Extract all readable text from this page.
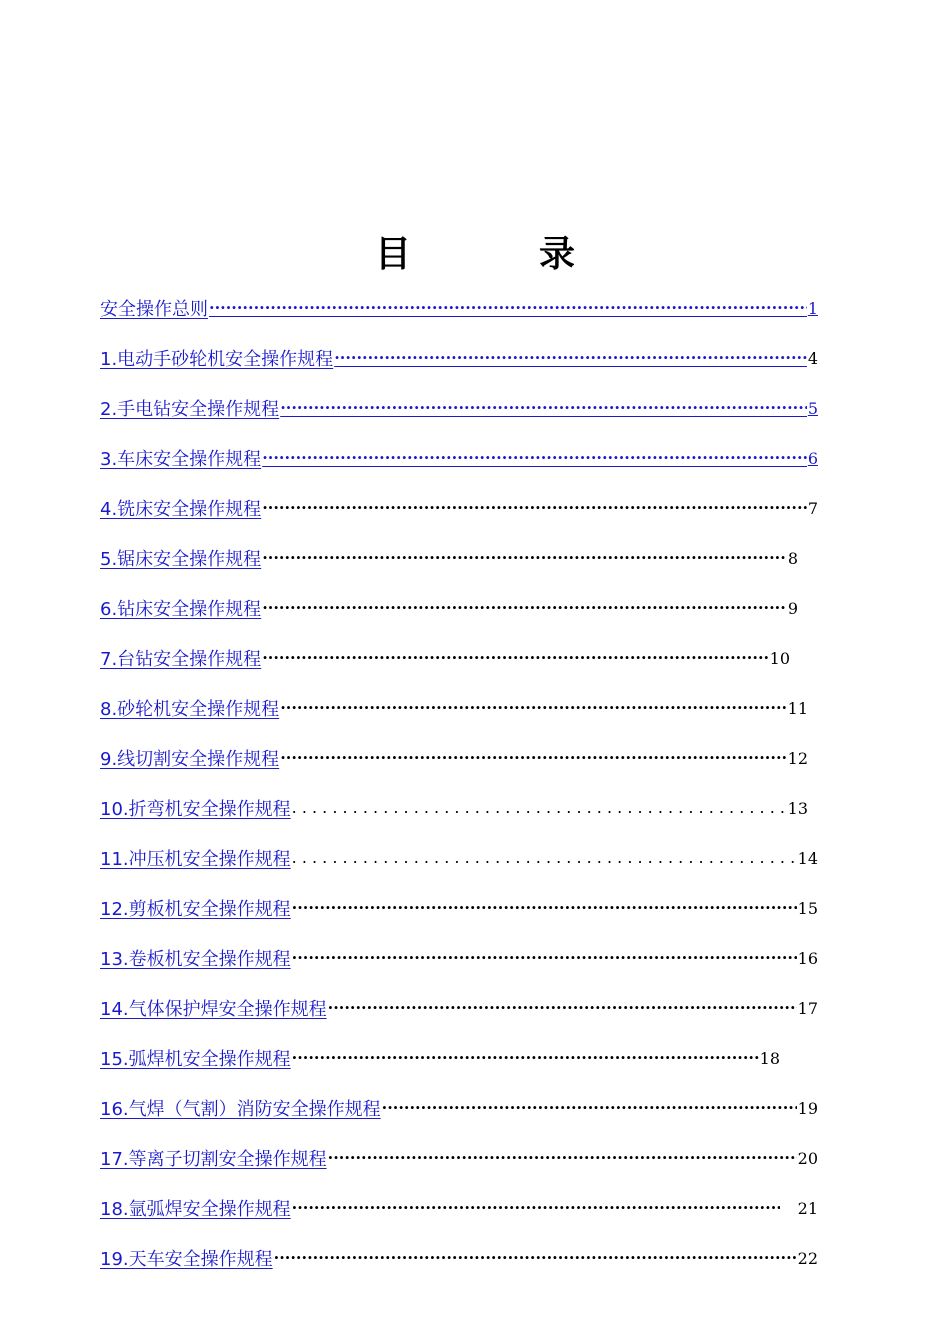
目　录
安全操作总则 ·····	1
1.电动手砂轮机安全操作规程 ·····	4
2.手电钻安全操作规程 ·····	5
3.车床安全操作规程 ·····	6
4.铣床安全操作规程 ·····	7
5.锯床安全操作规程 ·····	8
6.钻床安全操作规程 ·····	9
7.台钻安全操作规程 ·····	10
8.砂轮机安全操作规程 ·····	11
9.线切割安全操作规程 ·····	12
10.折弯机安全操作规程 . . .	13
11.冲压机安全操作规程 . . .	14
12.剪板机安全操作规程 ·····	15
13.卷板机安全操作规程 ·····	16
14.气体保护焊安全操作规程 ·····	17
15.弧焊机安全操作规程 ·····	18
16.气焊（气割）消防安全操作规程 ·····	19
17.等离子切割安全操作规程 ·····	20
18.氩弧焊安全操作规程 ·····	21
19.天车安全操作规程 ·····	22
